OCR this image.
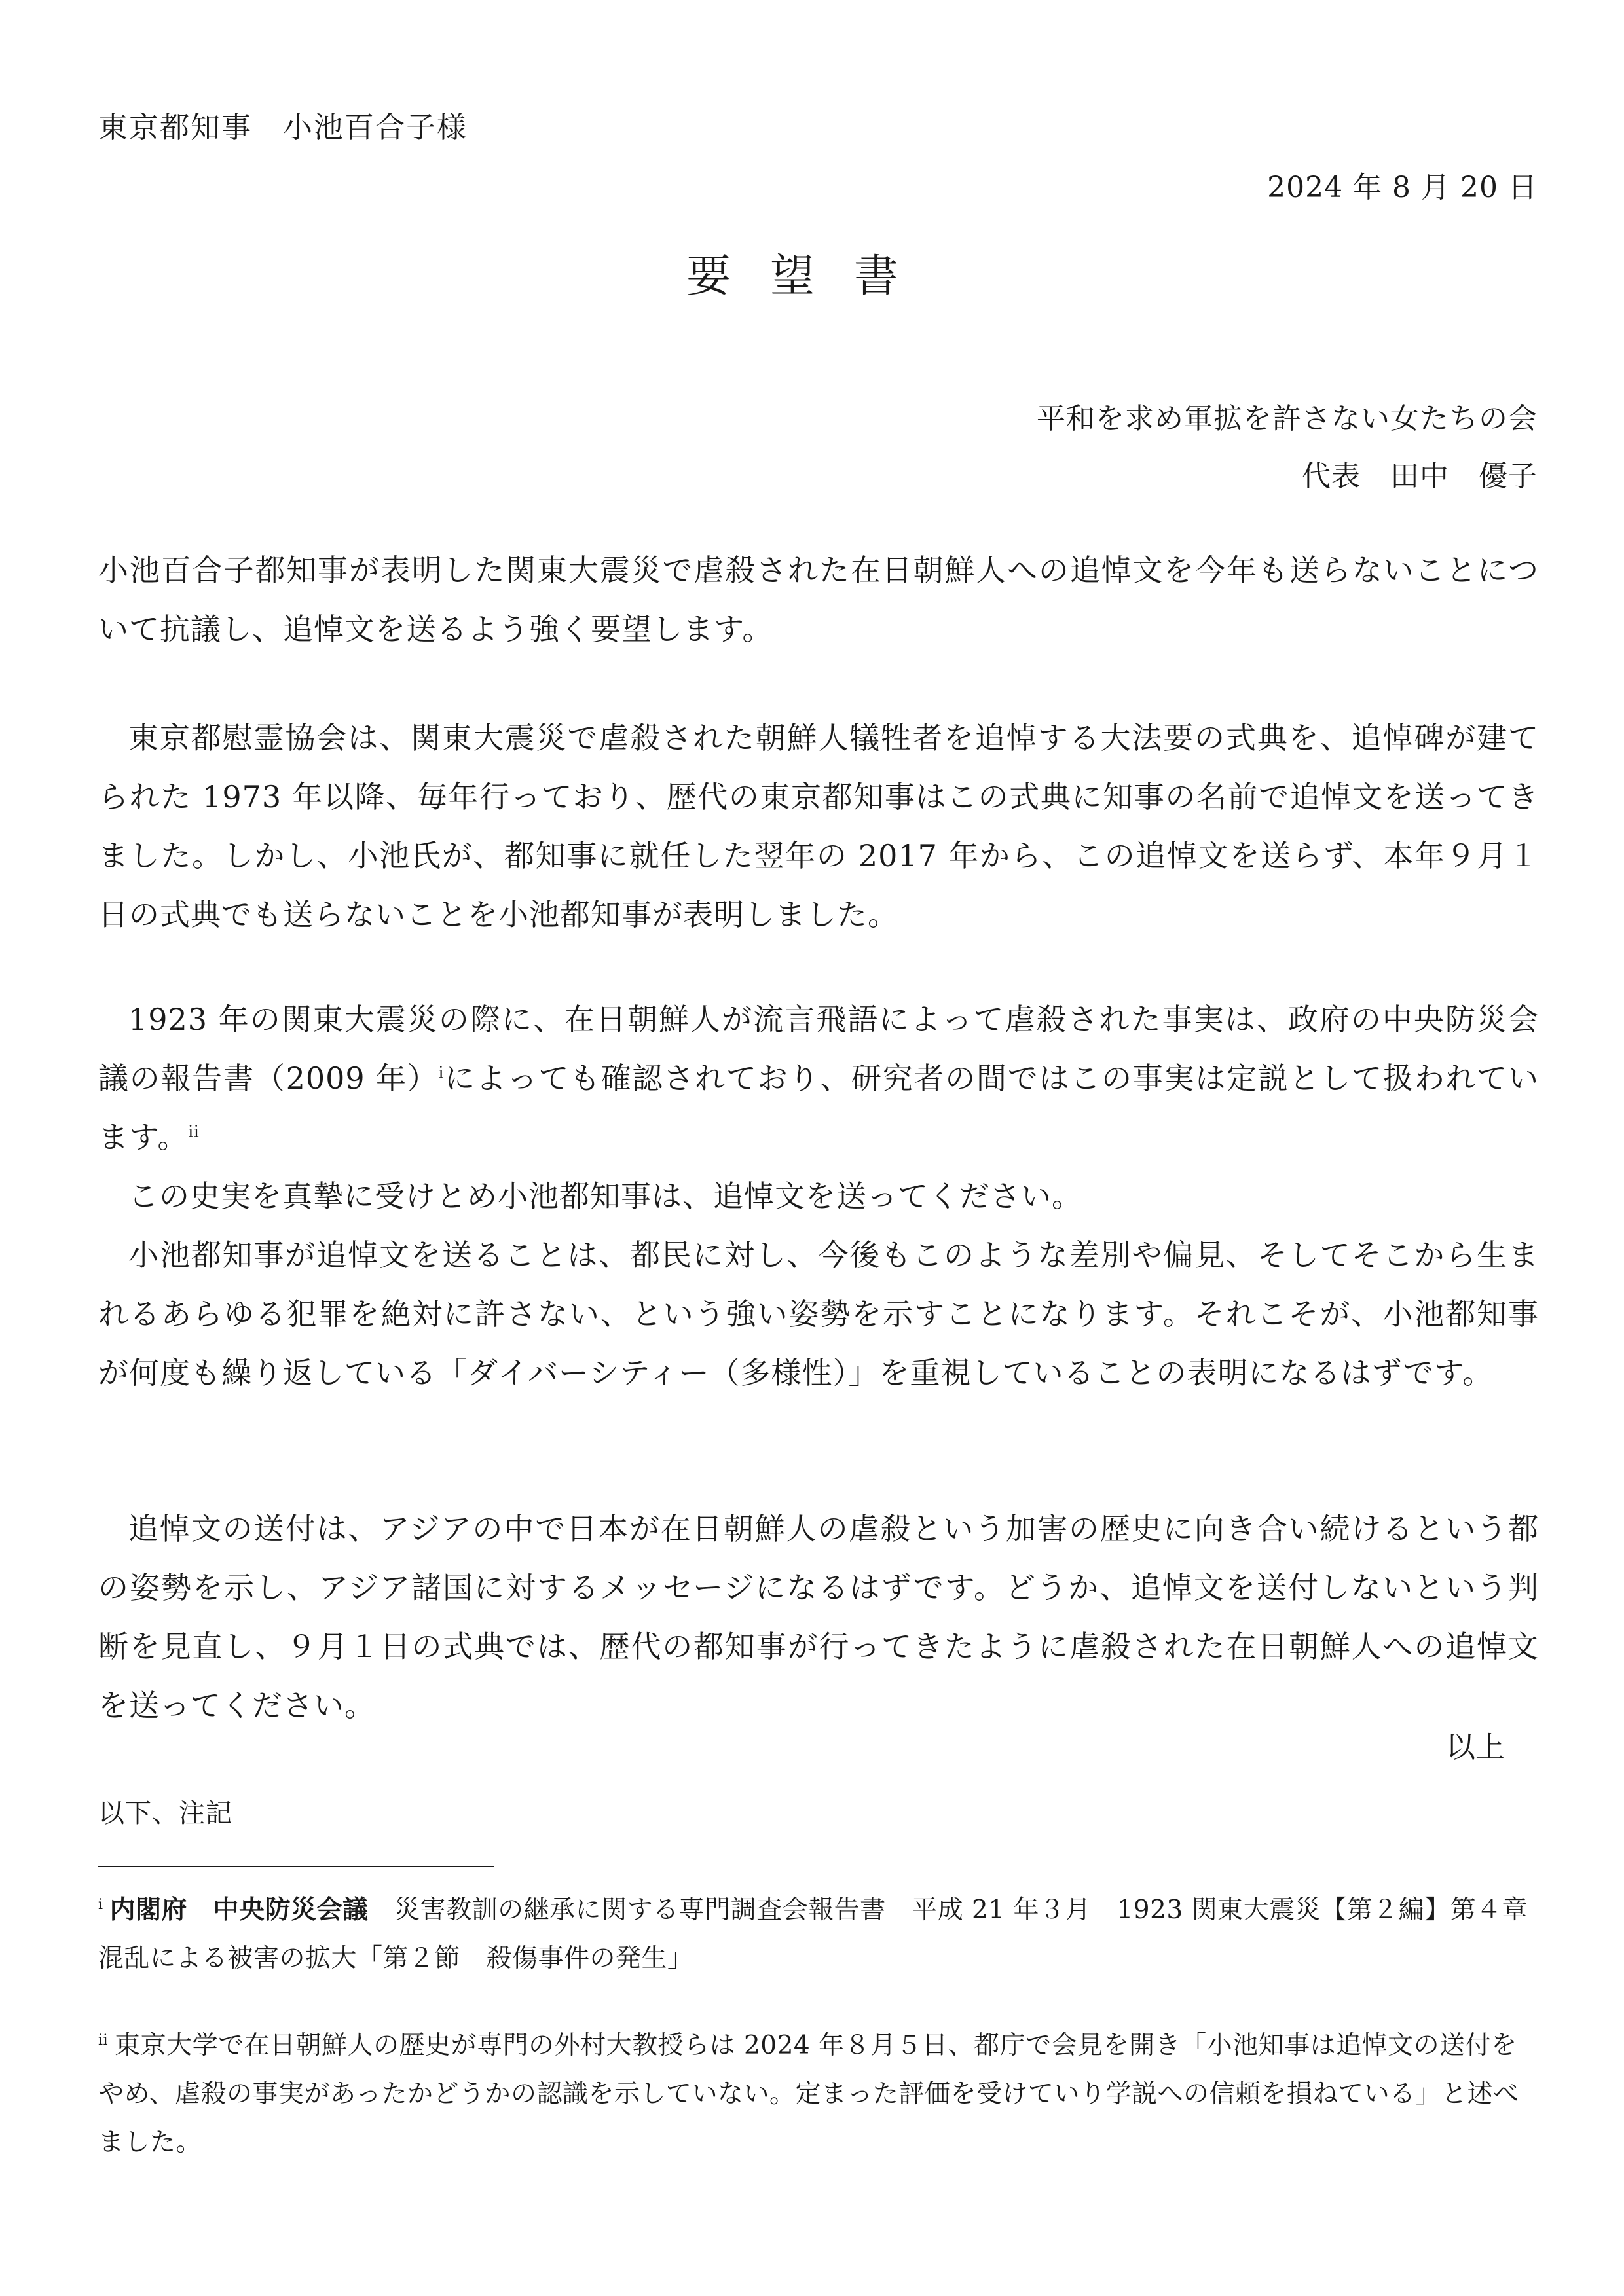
東京都知事　小池百合子様
2024 年 8 月 20 日
要望書
平和を求め軍拡を許さない女たちの会
代表　田中　優子

小池百合子都知事が表明した関東大震災で虐殺された在日朝鮮人への追悼文を今年も送らないことについて抗議し、追悼文を送るよう強く要望します。

東京都慰霊協会は、関東大震災で虐殺された朝鮮人犠牲者を追悼する大法要の式典を、追悼碑が建てられた 1973 年以降、毎年行っており、歴代の東京都知事はこの式典に知事の名前で追悼文を送ってきました。しかし、小池氏が、都知事に就任した翌年の 2017 年から、この追悼文を送らず、本年９月１日の式典でも送らないことを小池都知事が表明しました。

1923 年の関東大震災の際に、在日朝鮮人が流言飛語によって虐殺された事実は、政府の中央防災会議の報告書（2009 年）$^i$によっても確認されており、研究者の間ではこの事実は定説として扱われています。$^{ii}$

この史実を真摯に受けとめ小池都知事は、追悼文を送ってください。

小池都知事が追悼文を送ることは、都民に対し、今後もこのような差別や偏見、そしてそこから生まれるあらゆる犯罪を絶対に許さない、という強い姿勢を示すことになります。それこそが、小池都知事が何度も繰り返している「ダイバーシティー（多様性）」を重視していることの表明になるはずです。

追悼文の送付は、アジアの中で日本が在日朝鮮人の虐殺という加害の歴史に向き合い続けるという都の姿勢を示し、アジア諸国に対するメッセージになるはずです。どうか、追悼文を送付しないという判断を見直し、９月１日の式典では、歴代の都知事が行ってきたように虐殺された在日朝鮮人への追悼文を送ってください。

以上
以下、注記
$^i$ 内閣府　中央防災会議　災害教訓の継承に関する専門調査会報告書　平成 21 年３月　1923 関東大震災【第２編】第４章 混乱による被害の拡大「第２節　殺傷事件の発生」
$^{ii}$ 東京大学で在日朝鮮人の歴史が専門の外村大教授らは 2024 年８月５日、都庁で会見を開き「小池知事は追悼文の送付をやめ、虐殺の事実があったかどうかの認識を示していない。定まった評価を受けていり学説への信頼を損ねている」と述べました。
